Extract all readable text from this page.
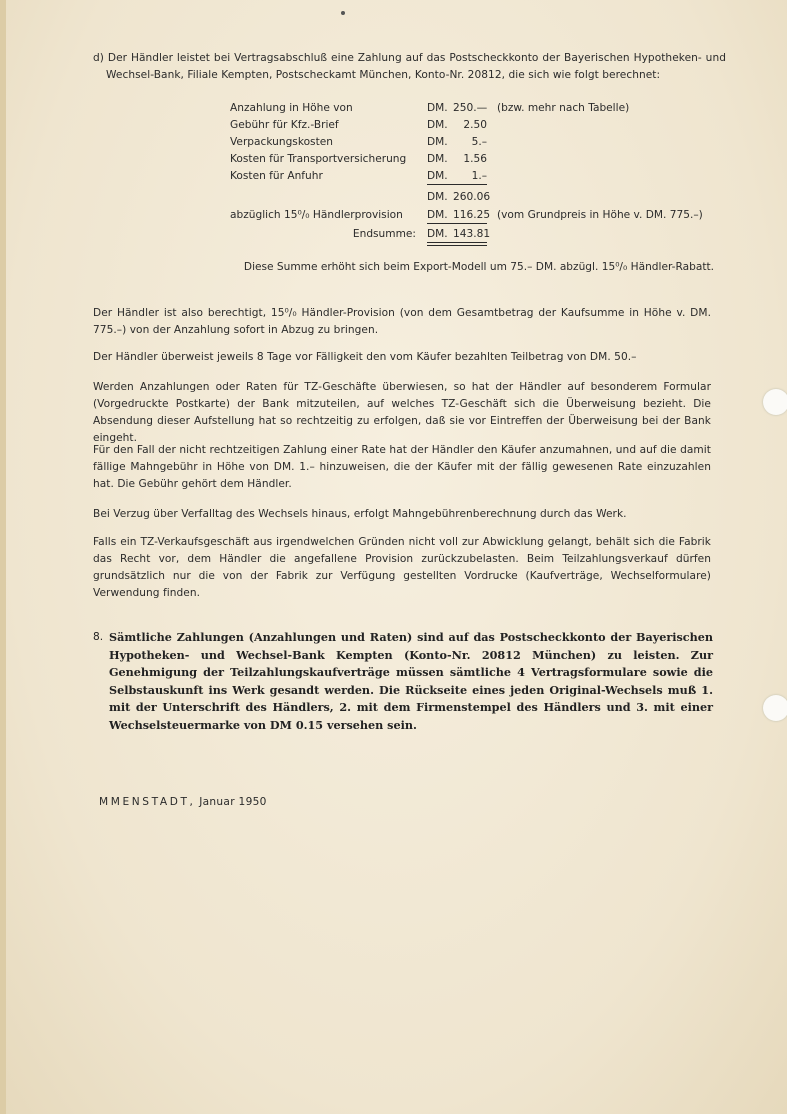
d) Der Händler leistet bei Vertragsabschluß eine Zahlung auf das Postscheckkonto der Bayerischen Hypotheken- und Wechsel-Bank, Filiale Kempten, Postscheckamt München, Konto-Nr. 20812, die sich wie folgt berechnet:
Anzahlung in Höhe von	DM. 250.— (bzw. mehr nach Tabelle)
Gebühr für Kfz.-Brief	DM. 2.50
Verpackungskosten	DM. 5.–
Kosten für Transportversicherung	DM. 1.56
Kosten für Anfuhr	DM. 1.–
DM. 260.06
abzüglich 15⁰/₀ Händlerprovision	DM. 116.25 (vom Grundpreis in Höhe v. DM. 775.–)
Endsumme: DM. 143.81
Diese Summe erhöht sich beim Export-Modell um 75.– DM. abzügl. 15⁰/₀ Händler-Rabatt.
Der Händler ist also berechtigt, 15⁰/₀ Händler-Provision (von dem Gesamtbetrag der Kaufsumme in Höhe v. DM. 775.–) von der Anzahlung sofort in Abzug zu bringen.
Der Händler überweist jeweils 8 Tage vor Fälligkeit den vom Käufer bezahlten Teilbetrag von DM. 50.–
Werden Anzahlungen oder Raten für TZ-Geschäfte überwiesen, so hat der Händler auf besonderem Formular (Vorgedruckte Postkarte) der Bank mitzuteilen, auf welches TZ-Geschäft sich die Überweisung bezieht. Die Absendung dieser Aufstellung hat so rechtzeitig zu erfolgen, daß sie vor Eintreffen der Überweisung bei der Bank eingeht.
Für den Fall der nicht rechtzeitigen Zahlung einer Rate hat der Händler den Käufer anzumahnen, und auf die damit fällige Mahngebühr in Höhe von DM. 1.– hinzuweisen, die der Käufer mit der fällig gewesenen Rate einzuzahlen hat. Die Gebühr gehört dem Händler.
Bei Verzug über Verfalltag des Wechsels hinaus, erfolgt Mahngebührenberechnung durch das Werk.
Falls ein TZ-Verkaufsgeschäft aus irgendwelchen Gründen nicht voll zur Abwicklung gelangt, behält sich die Fabrik das Recht vor, dem Händler die angefallene Provision zurückzubelasten. Beim Teilzahlungsverkauf dürfen grundsätzlich nur die von der Fabrik zur Verfügung gestellten Vordrucke (Kaufverträge, Wechselformulare) Verwendung finden.
8. Sämtliche Zahlungen (Anzahlungen und Raten) sind auf das Postscheckkonto der Bayerischen Hypotheken- und Wechsel-Bank Kempten (Konto-Nr. 20812 München) zu leisten. Zur Genehmigung der Teilzahlungskaufverträge müssen sämtliche 4 Vertragsformulare sowie die Selbstauskunft ins Werk gesandt werden. Die Rückseite eines jeden Original-Wechsels muß 1. mit der Unterschrift des Händlers, 2. mit dem Firmenstempel des Händlers und 3. mit einer Wechselsteuermarke von DM 0.15 versehen sein.
MMENSTADT, Januar 1950
